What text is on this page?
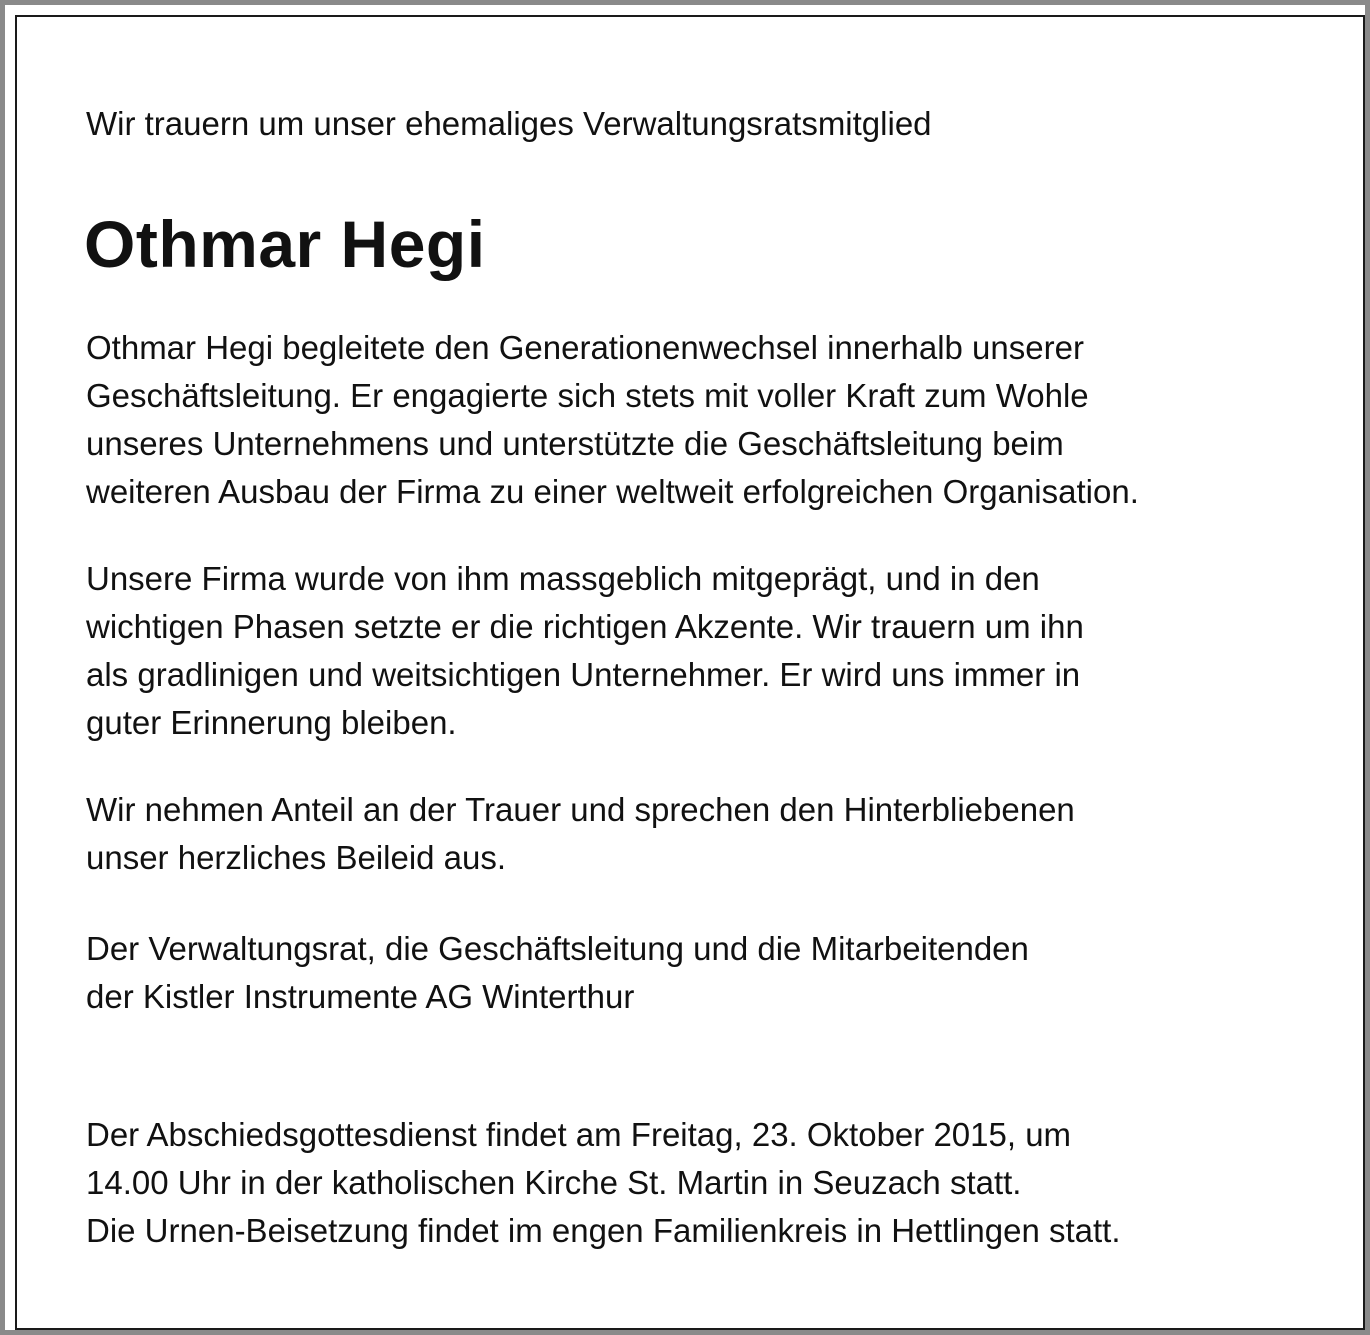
Wir trauern um unser ehemaliges Verwaltungsratsmitglied
Othmar Hegi

Othmar Hegi begleitete den Generationenwechsel innerhalb unserer
Geschäftsleitung. Er engagierte sich stets mit voller Kraft zum Wohle
unseres Unternehmens und unterstützte die Geschäftsleitung beim
weiteren Ausbau der Firma zu einer weltweit erfolgreichen Organisation.

Unsere Firma wurde von ihm massgeblich mitgeprägt, und in den
wichtigen Phasen setzte er die richtigen Akzente. Wir trauern um ihn
als gradlinigen und weitsichtigen Unternehmer. Er wird uns immer in
guter Erinnerung bleiben.

Wir nehmen Anteil an der Trauer und sprechen den Hinterbliebenen
unser herzliches Beileid aus.

Der Verwaltungsrat, die Geschäftsleitung und die Mitarbeitenden
der Kistler Instrumente AG Winterthur

Der Abschiedsgottesdienst findet am Freitag, 23. Oktober 2015, um
14.00 Uhr in der katholischen Kirche St. Martin in Seuzach statt.
Die Urnen-Beisetzung findet im engen Familienkreis in Hettlingen statt.
